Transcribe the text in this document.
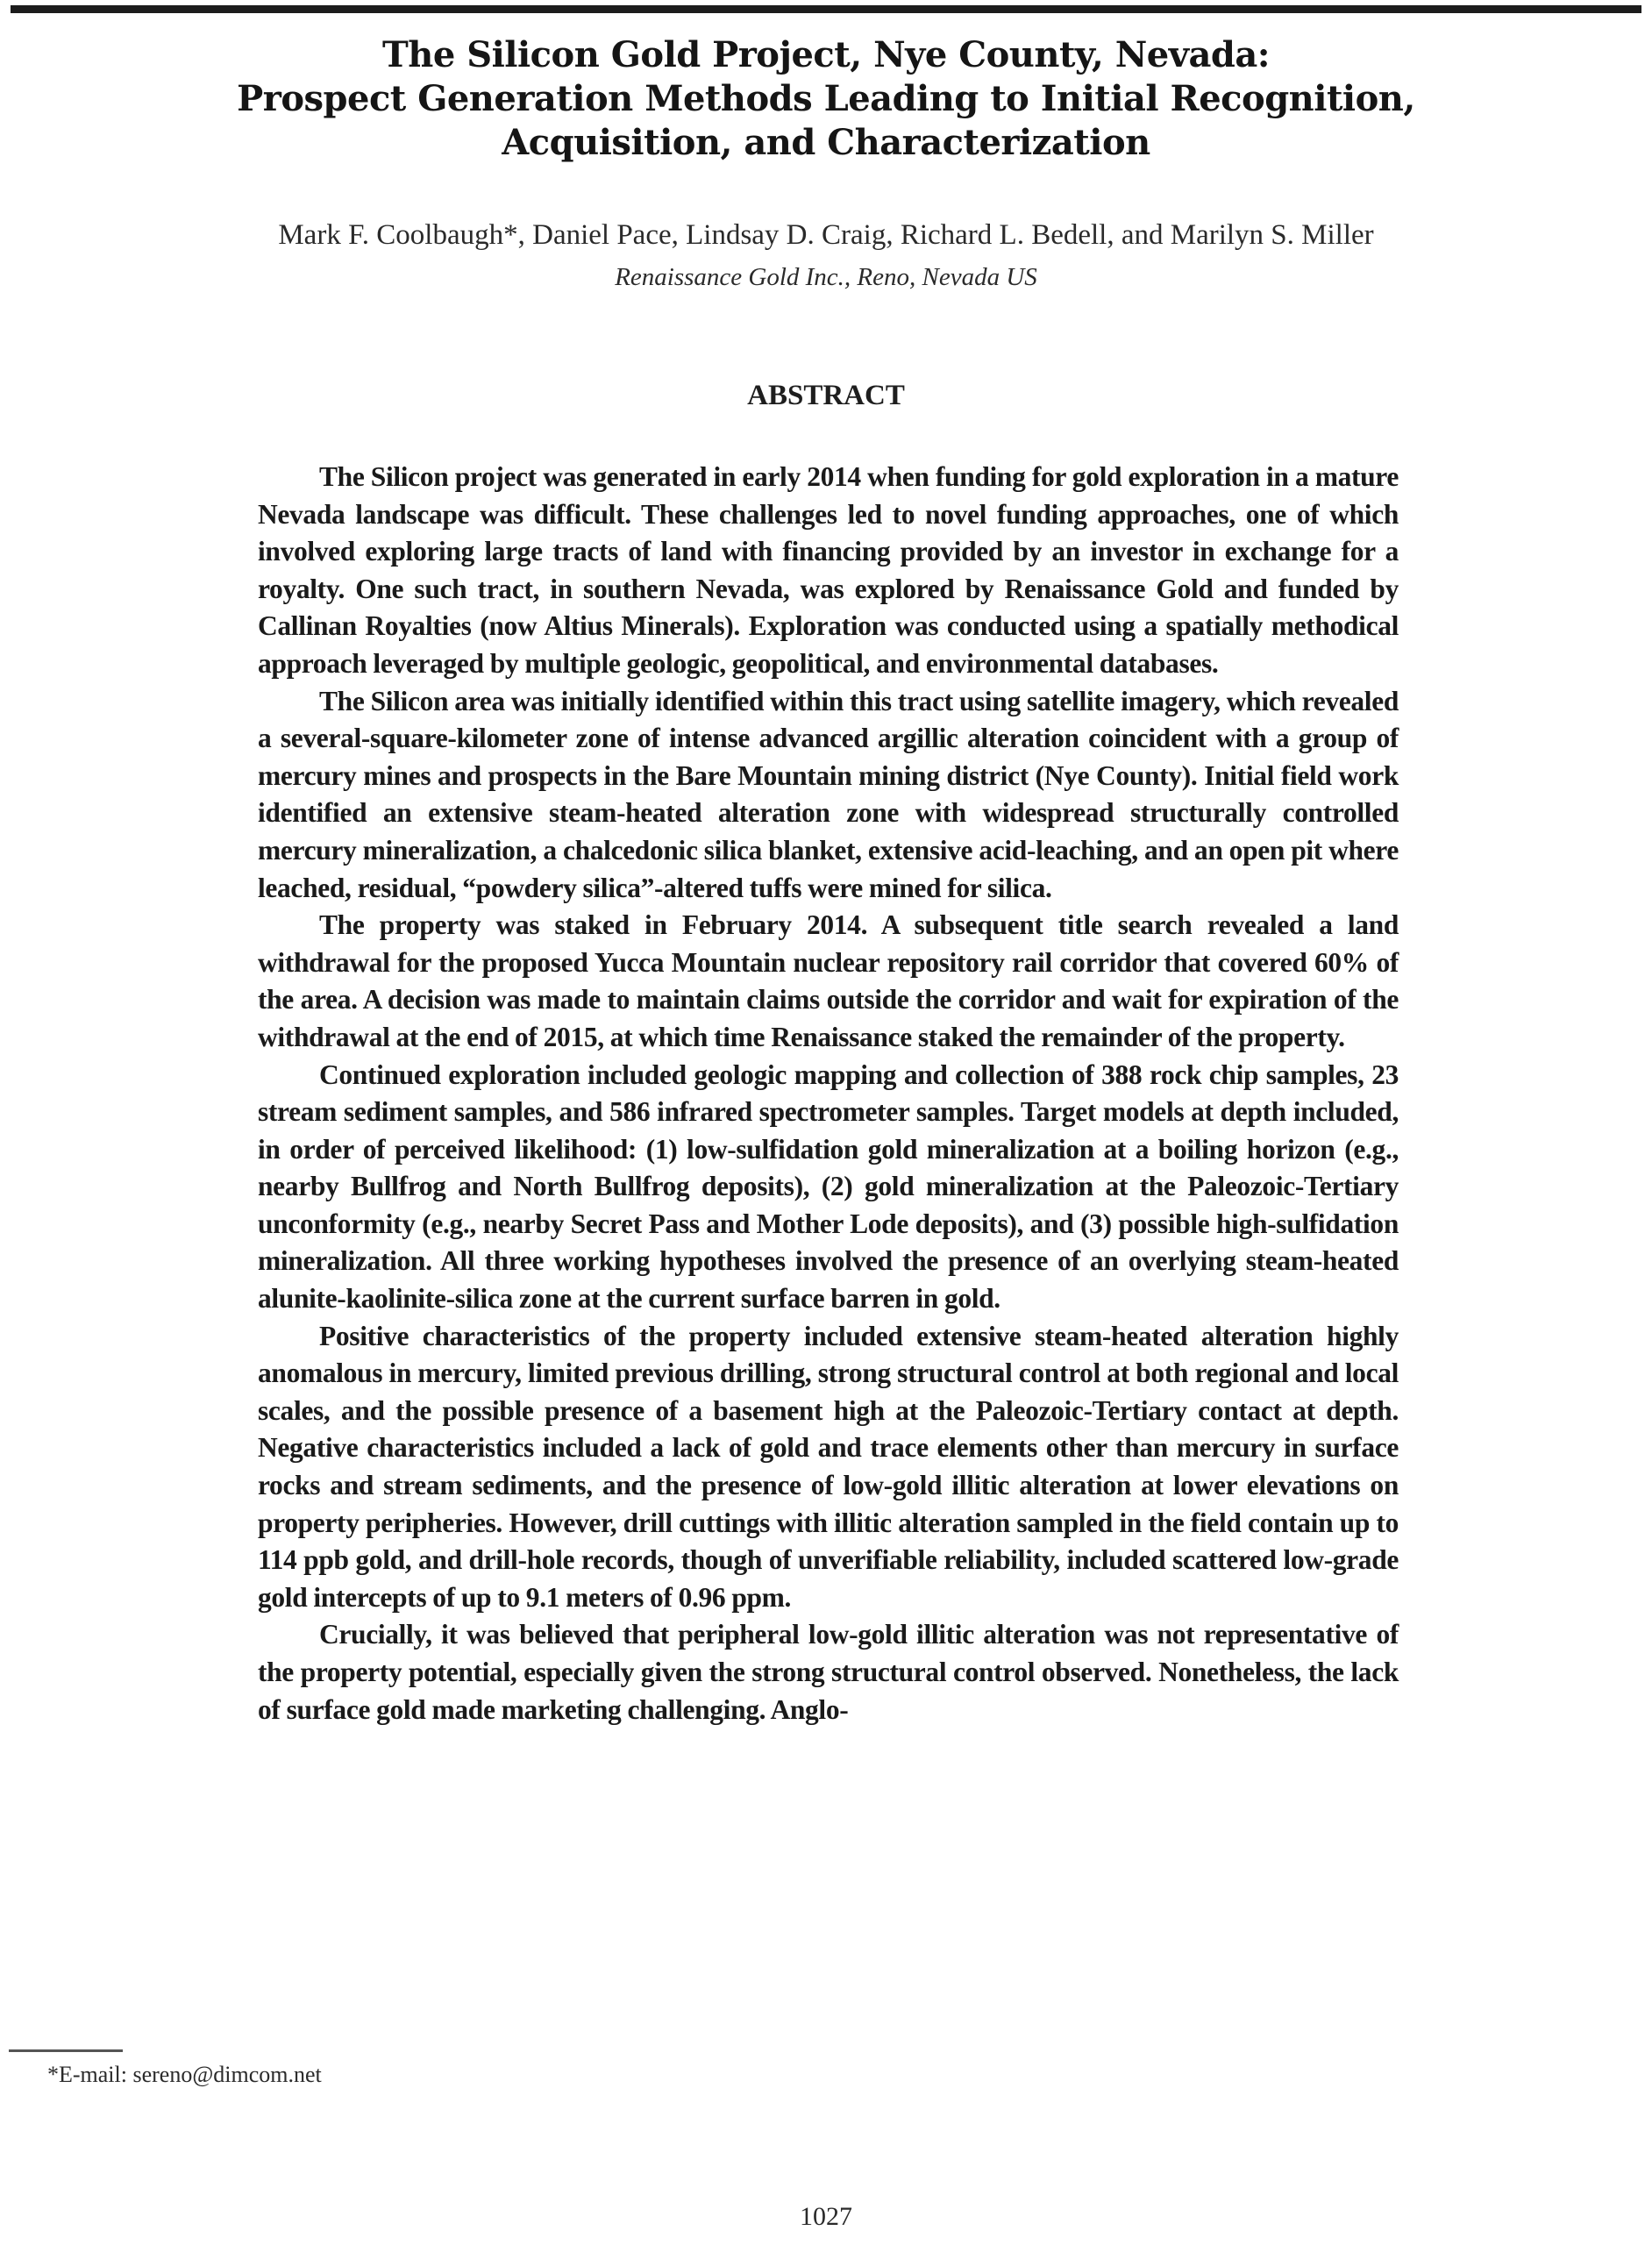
The Silicon Gold Project, Nye County, Nevada:
Prospect Generation Methods Leading to Initial Recognition,
Acquisition, and Characterization
Mark F. Coolbaugh*, Daniel Pace, Lindsay D. Craig, Richard L. Bedell, and Marilyn S. Miller
Renaissance Gold Inc., Reno, Nevada US
ABSTRACT

The Silicon project was generated in early 2014 when funding for gold exploration in a mature Nevada landscape was difficult. These challenges led to novel funding approaches, one of which involved exploring large tracts of land with financing provided by an investor in exchange for a royalty. One such tract, in southern Nevada, was explored by Renaissance Gold and funded by Callinan Royalties (now Altius Minerals). Exploration was conducted using a spatially methodical approach leveraged by multiple geologic, geopolitical, and environmental databases.

The Silicon area was initially identified within this tract using satellite imagery, which revealed a several-square-kilometer zone of intense advanced argillic alteration coincident with a group of mercury mines and prospects in the Bare Mountain mining district (Nye County). Initial field work identified an extensive steam-heated alteration zone with widespread structurally controlled mercury mineralization, a chalcedonic silica blanket, extensive acid-leaching, and an open pit where leached, residual, “powdery silica”-altered tuffs were mined for silica.

The property was staked in February 2014. A subsequent title search revealed a land withdrawal for the proposed Yucca Mountain nuclear repository rail corridor that covered 60% of the area. A decision was made to maintain claims outside the corridor and wait for expiration of the withdrawal at the end of 2015, at which time Renaissance staked the remainder of the property.

Continued exploration included geologic mapping and collection of 388 rock chip samples, 23 stream sediment samples, and 586 infrared spectrometer samples. Target models at depth included, in order of perceived likelihood: (1) low-sulfidation gold mineralization at a boiling horizon (e.g., nearby Bullfrog and North Bullfrog deposits), (2) gold mineralization at the Paleozoic-Tertiary unconformity (e.g., nearby Secret Pass and Mother Lode deposits), and (3) possible high-sulfidation mineralization. All three working hypotheses involved the presence of an overlying steam-heated alunite-kaolinite-silica zone at the current surface barren in gold.

Positive characteristics of the property included extensive steam-heated alteration highly anomalous in mercury, limited previous drilling, strong structural control at both regional and local scales, and the possible presence of a basement high at the Paleozoic-Tertiary contact at depth. Negative characteristics included a lack of gold and trace elements other than mercury in surface rocks and stream sediments, and the presence of low-gold illitic alteration at lower elevations on property peripheries. However, drill cuttings with illitic alteration sampled in the field contain up to 114 ppb gold, and drill-hole records, though of unverifiable reliability, included scattered low-grade gold intercepts of up to 9.1 meters of 0.96 ppm.

Crucially, it was believed that peripheral low-gold illitic alteration was not representative of the property potential, especially given the strong structural control observed. Nonetheless, the lack of surface gold made marketing challenging. Anglo-

*E-mail: sereno@dimcom.net
1027
